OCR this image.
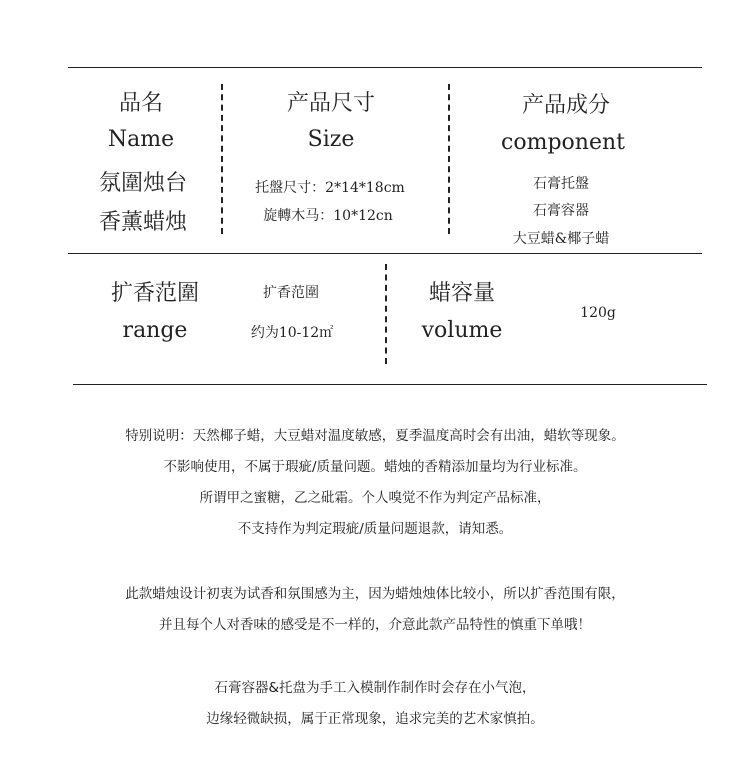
品名
Name
氛圍烛台
香薰蜡烛
产品尺寸
Size
托盤尺寸：2*14*18cm
旋轉木马：10*12cn
产品成分
component
石膏托盤
石膏容器
大豆蜡&椰子蜡
扩香范圍
range
扩香范圍
约为10-12㎡
蜡容量
volume
120g
特别说明：天然椰子蜡，大豆蜡对温度敏感，夏季温度高时会有出油，蜡软等现象。
不影响使用，不属于瑕疵/质量问题。蜡烛的香精添加量均为行业标准。
所谓甲之蜜糖，乙之砒霜。个人嗅觉不作为判定产品标准，
不支持作为判定瑕疵/质量问题退款，请知悉。
此款蜡烛设计初衷为试香和氛围感为主，因为蜡烛烛体比较小，所以扩香范围有限，
并且每个人对香味的感受是不一样的，介意此款产品特性的慎重下单哦！
石膏容器&托盘为手工入模制作制作时会存在小气泡，
边缘轻微缺损，属于正常现象，追求完美的艺术家慎拍。
